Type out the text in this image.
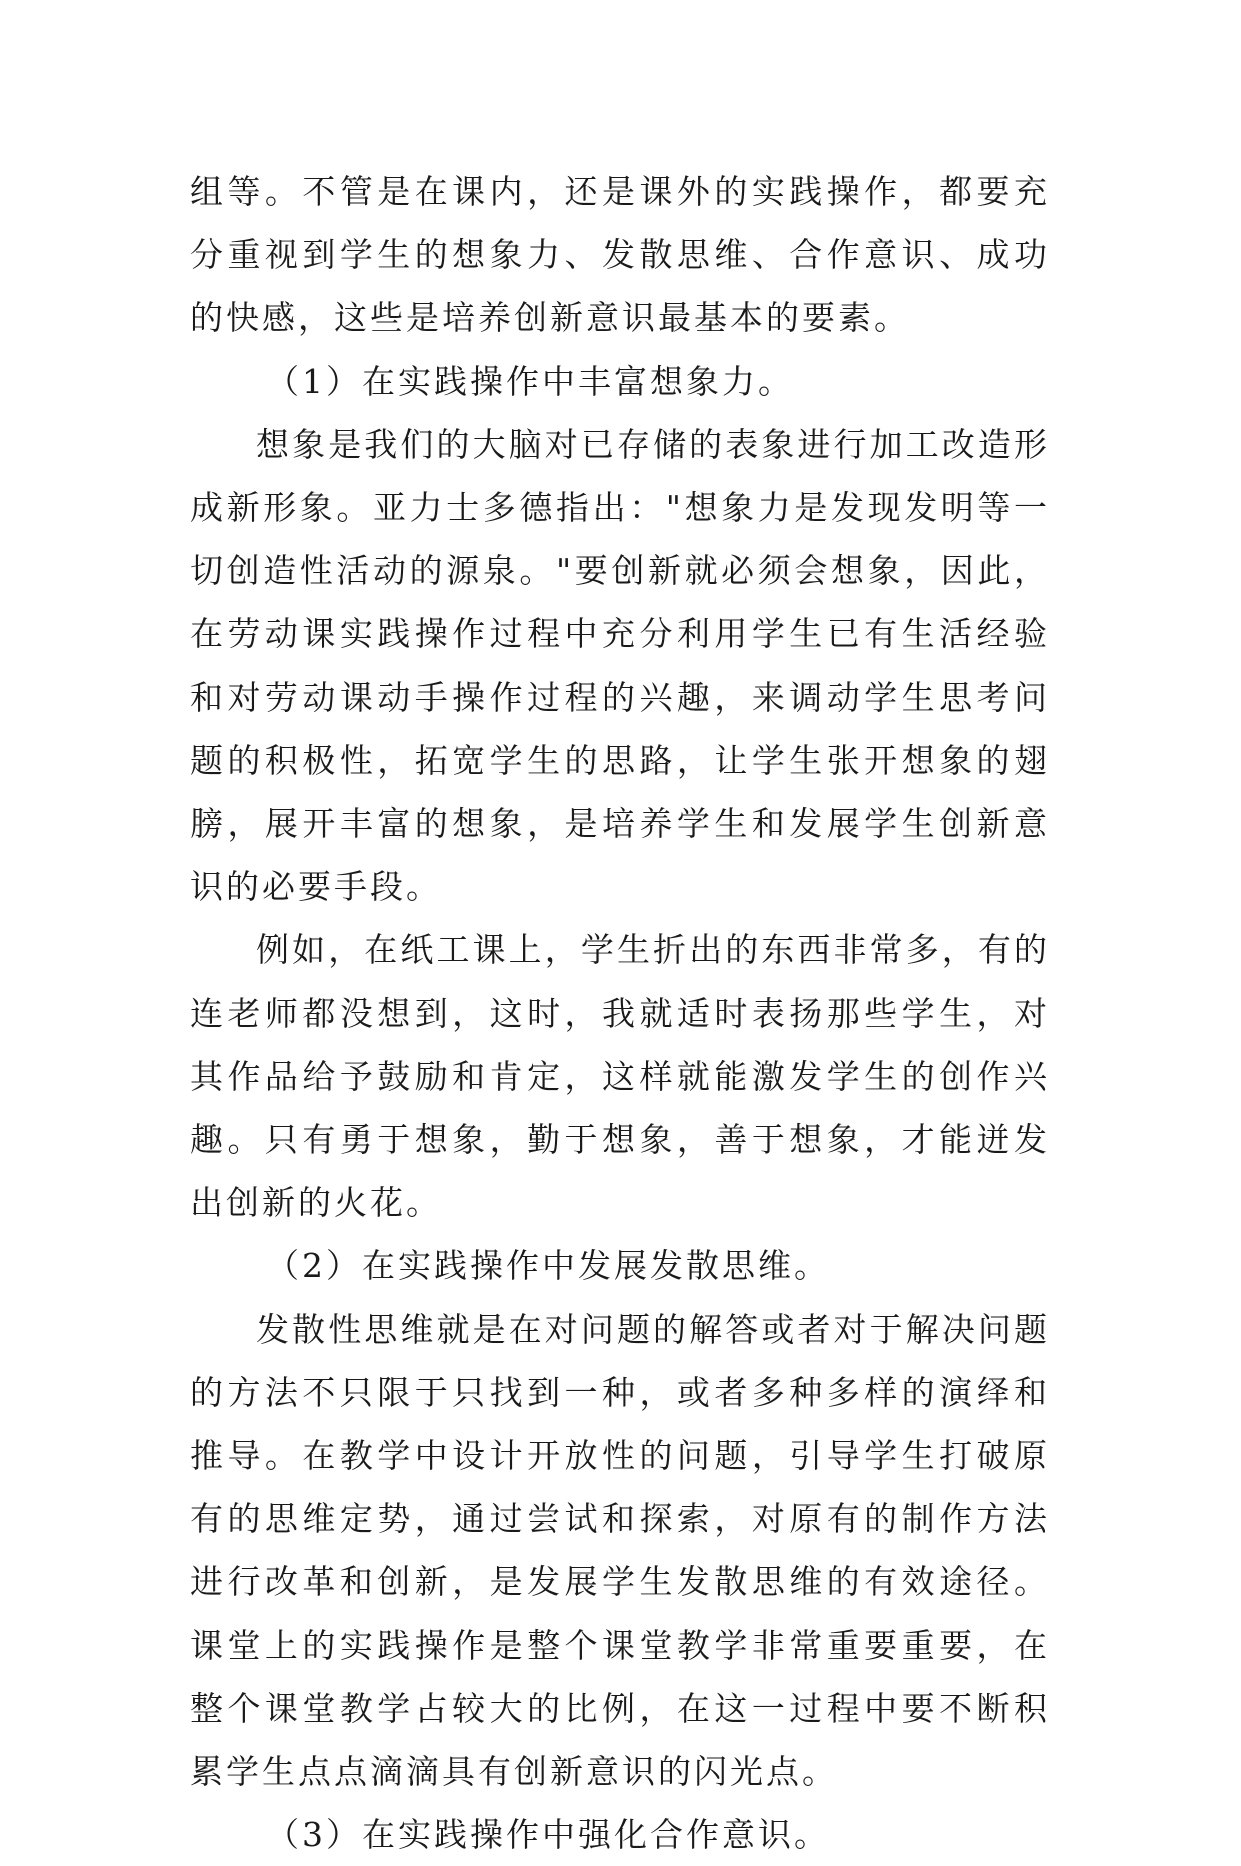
组等。不管是在课内，还是课外的实践操作，都要充分重视到学生的想象力、发散思维、合作意识、成功的快感，这些是培养创新意识最基本的要素。

（1）在实践操作中丰富想象力。

想象是我们的大脑对已存储的表象进行加工改造形成新形象。亚力士多德指出："想象力是发现发明等一切创造性活动的源泉。"要创新就必须会想象，因此，在劳动课实践操作过程中充分利用学生已有生活经验和对劳动课动手操作过程的兴趣，来调动学生思考问题的积极性，拓宽学生的思路，让学生张开想象的翅膀，展开丰富的想象，是培养学生和发展学生创新意识的必要手段。

例如，在纸工课上，学生折出的东西非常多，有的连老师都没想到，这时，我就适时表扬那些学生，对其作品给予鼓励和肯定，这样就能激发学生的创作兴趣。只有勇于想象，勤于想象，善于想象，才能迸发出创新的火花。

（2）在实践操作中发展发散思维。

发散性思维就是在对问题的解答或者对于解决问题的方法不只限于只找到一种，或者多种多样的演绎和推导。在教学中设计开放性的问题，引导学生打破原有的思维定势，通过尝试和探索，对原有的制作方法进行改革和创新，是发展学生发散思维的有效途径。课堂上的实践操作是整个课堂教学非常重要重要，在整个课堂教学占较大的比例，在这一过程中要不断积累学生点点滴滴具有创新意识的闪光点。

（3）在实践操作中强化合作意识。
